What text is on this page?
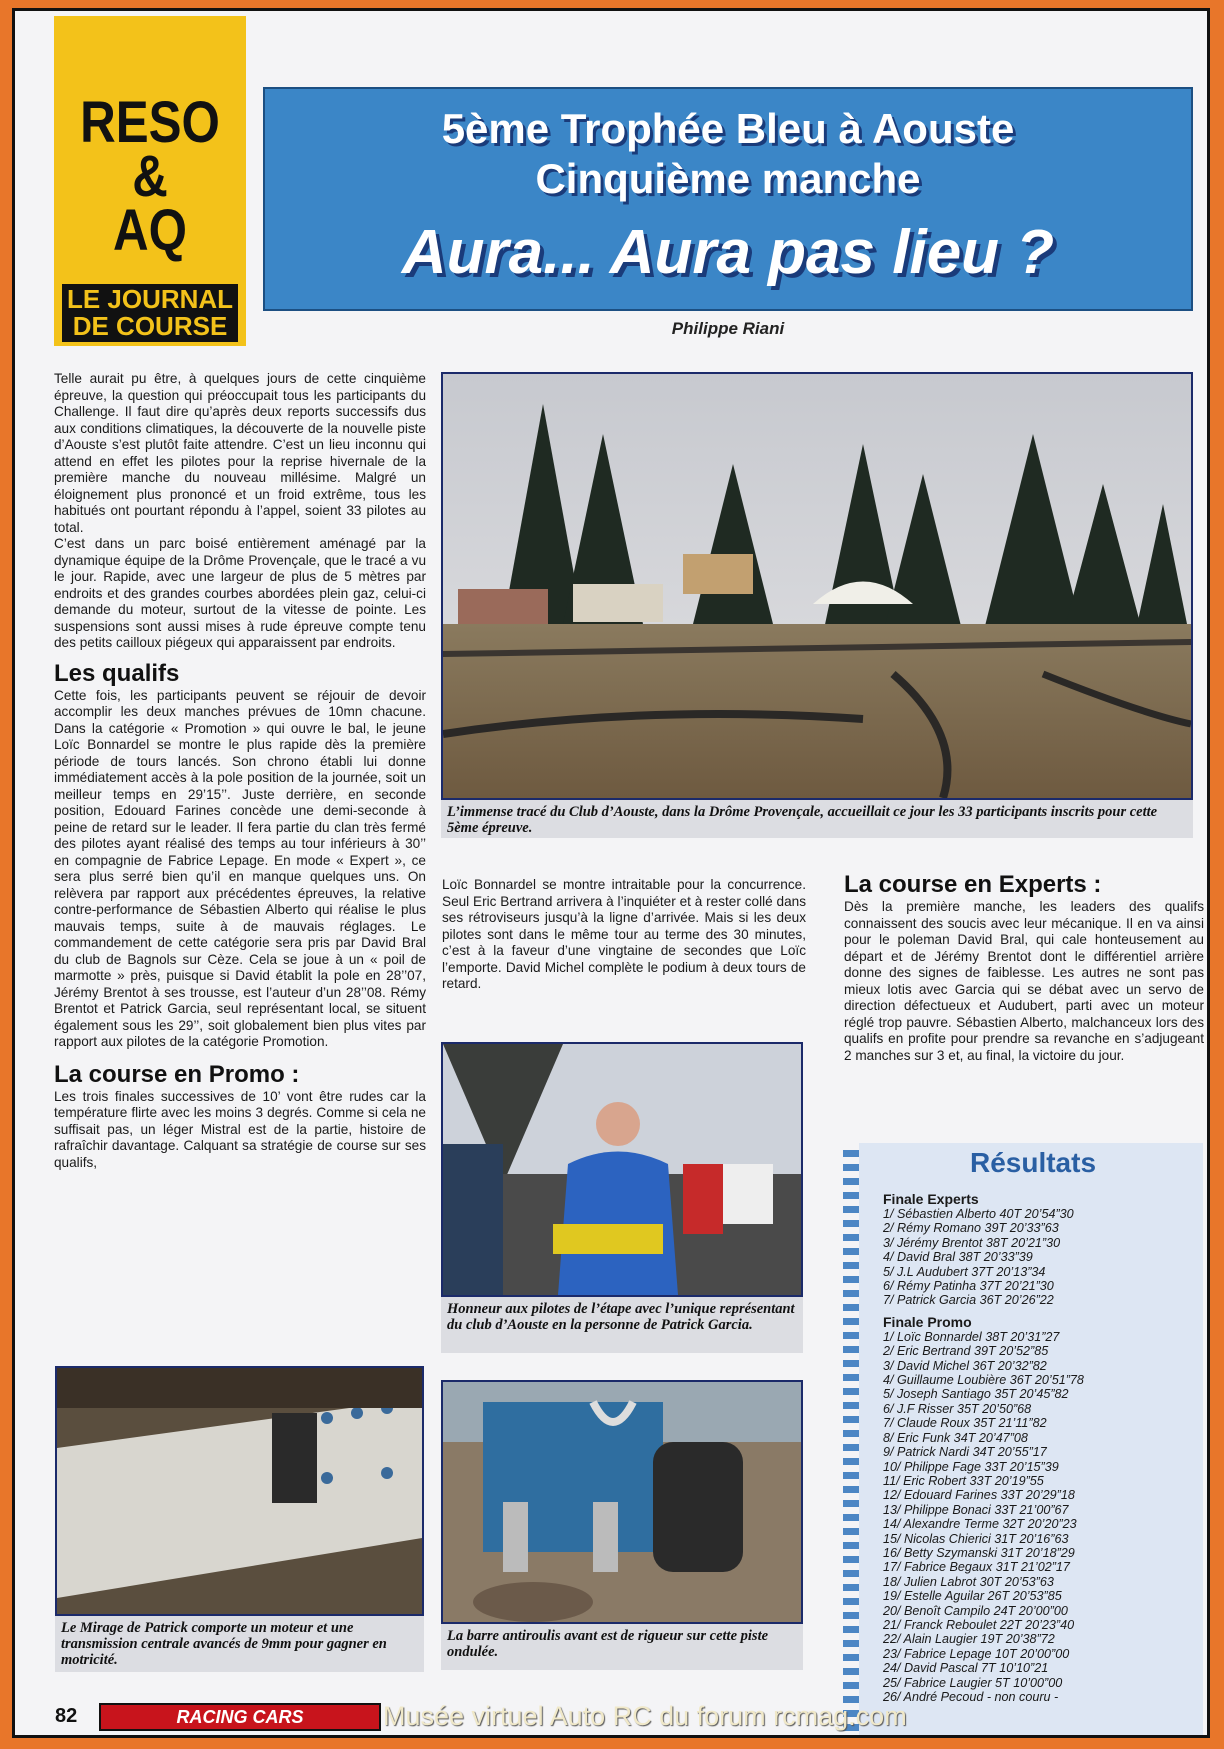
RESO
&
AQ
LE JOURNAL
DE COURSE
5ème Trophée Bleu à Aouste
Cinquième manche
Aura... Aura pas lieu ?
Philippe Riani

Telle aurait pu être, à quelques jours de cette cinquième épreuve, la question qui préoccupait tous les participants du Challenge. Il faut dire qu’après deux reports successifs dus aux conditions climatiques, la découverte de la nouvelle piste d’Aouste s’est plutôt faite attendre. C’est un lieu inconnu qui attend en effet les pilotes pour la reprise hivernale de la première manche du nouveau millésime. Malgré un éloignement plus prononcé et un froid extrême, tous les habitués ont pourtant répondu à l’appel, soient 33 pilotes au total.

C’est dans un parc boisé entièrement aménagé par la dynamique équipe de la Drôme Provençale, que le tracé a vu le jour. Rapide, avec une largeur de plus de 5 mètres par endroits et des grandes courbes abordées plein gaz, celui-ci demande du moteur, surtout de la vitesse de pointe. Les suspensions sont aussi mises à rude épreuve compte tenu des petits cailloux piégeux qui apparaissent par endroits.

Les qualifs

Cette fois, les participants peuvent se réjouir de devoir accomplir les deux manches prévues de 10mn chacune. Dans la catégorie « Promotion » qui ouvre le bal, le jeune Loïc Bonnardel se montre le plus rapide dès la première période de tours lancés. Son chrono établi lui donne immédiatement accès à la pole position de la journée, soit un meilleur temps en 29’15’’. Juste derrière, en seconde position, Edouard Farines concède une demi-seconde à peine de retard sur le leader. Il fera partie du clan très fermé des pilotes ayant réalisé des temps au tour inférieurs à 30’’ en compagnie de Fabrice Lepage. En mode « Expert », ce sera plus serré bien qu’il en manque quelques uns. On relèvera par rapport aux précédentes épreuves, la relative contre-performance de Sébastien Alberto qui réalise le plus mauvais temps, suite à de mauvais réglages. Le commandement de cette catégorie sera pris par David Bral du club de Bagnols sur Cèze. Cela se joue à un « poil de marmotte » près, puisque si David établit la pole en 28’’07, Jérémy Brentot à ses trousse, est l’auteur d’un 28’’08. Rémy Brentot et Patrick Garcia, seul représentant local, se situent également sous les 29’’, soit globalement bien plus vites par rapport aux pilotes de la catégorie Promotion.

La course en Promo :

Les trois finales successives de 10’ vont être rudes car la température flirte avec les moins 3 degrés. Comme si cela ne suffisait pas, un léger Mistral est de la partie, histoire de rafraîchir davantage. Calquant sa stratégie de course sur ses qualifs,

L’immense tracé du Club d’Aouste, dans la Drôme Provençale, accueillait ce jour les 33 participants inscrits pour cette 5ème épreuve.

Loïc Bonnardel se montre intraitable pour la concurrence. Seul Eric Bertrand arrivera à l’inquiéter et à rester collé dans ses rétroviseurs jusqu’à la ligne d’arrivée. Mais si les deux pilotes sont dans le même tour au terme des 30 minutes, c’est à la faveur d’une vingtaine de secondes que Loïc l’emporte. David Michel complète le podium à deux tours de retard.

La course en Experts :

Dès la première manche, les leaders des qualifs connaissent des soucis avec leur mécanique. Il en va ainsi pour le poleman David Bral, qui cale honteusement au départ et de Jérémy Brentot dont le différentiel arrière donne des signes de faiblesse. Les autres ne sont pas mieux lotis avec Garcia qui se débat avec un servo de direction défectueux et Audubert, parti avec un moteur réglé trop pauvre. Sébastien Alberto, malchanceux lors des qualifs en profite pour prendre sa revanche en s’adjugeant 2 manches sur 3 et, au final, la victoire du jour.

Honneur aux pilotes de l’étape avec l’unique représentant du club d’Aouste en la personne de Patrick Garcia.
Le Mirage de Patrick comporte un moteur et une transmission centrale avancés de 9mm pour gagner en motricité.
La barre antiroulis avant est de rigueur sur cette piste ondulée.
Résultats
Finale Experts
1/ Sébastien Alberto 40T 20’54”30
2/ Rémy Romano 39T 20’33”63
3/ Jérémy Brentot 38T 20’21”30
4/ David Bral 38T 20’33”39
5/ J.L Audubert 37T 20’13”34
6/ Rémy Patinha 37T 20’21”30
7/ Patrick Garcia 36T 20’26”22
Finale Promo
1/ Loïc Bonnardel 38T 20’31”27
2/ Eric Bertrand 39T 20’52”85
3/ David Michel 36T 20’32”82
4/ Guillaume Loubière 36T 20’51”78
5/ Joseph Santiago 35T 20’45”82
6/ J.F Risser 35T 20’50”68
7/ Claude Roux 35T 21’11”82
8/ Eric Funk 34T 20’47”08
9/ Patrick Nardi 34T 20’55”17
10/ Philippe Fage 33T 20’15”39
11/ Eric Robert 33T 20’19”55
12/ Edouard Farines 33T 20’29”18
13/ Philippe Bonaci 33T 21’00”67
14/ Alexandre Terme 32T 20’20”23
15/ Nicolas Chierici 31T 20’16”63
16/ Betty Szymanski 31T 20’18”29
17/ Fabrice Begaux 31T 21’02”17
18/ Julien Labrot 30T 20’53”63
19/ Estelle Aguilar 26T 20’53”85
20/ Benoît Campilo 24T 20’00”00
21/ Franck Reboulet 22T 20’23”40
22/ Alain Laugier 19T 20’38”72
23/ Fabrice Lepage 10T 20’00”00
24/ David Pascal 7T 10’10”21
25/ Fabrice Laugier 5T 10’00”00
26/ André Pecoud - non couru -
82	RACING CARS	Musée virtuel Auto RC du forum rcmag.com
